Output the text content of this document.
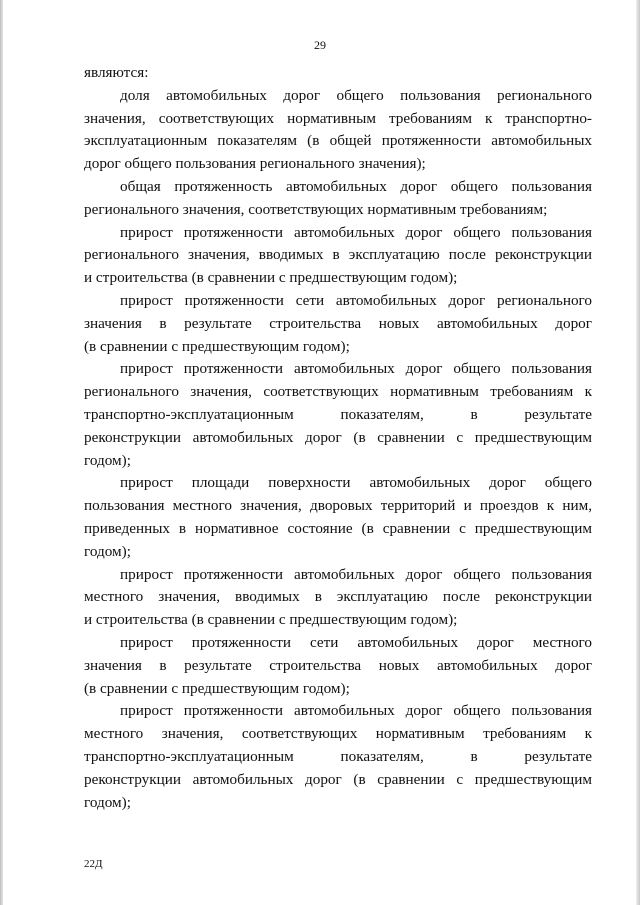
29
являются:
доля автомобильных дорог общего пользования регионального
значения, соответствующих нормативным требованиям к транспортно-
эксплуатационным показателям (в общей протяженности автомобильных
дорог общего пользования регионального значения);
общая протяженность автомобильных дорог общего пользования
регионального значения, соответствующих нормативным требованиям;
прирост протяженности автомобильных дорог общего пользования
регионального значения, вводимых в эксплуатацию после реконструкции
и строительства (в сравнении с предшествующим годом);
прирост протяженности сети автомобильных дорог регионального
значения в результате строительства новых автомобильных дорог
(в сравнении с предшествующим годом);
прирост протяженности автомобильных дорог общего пользования
регионального значения, соответствующих нормативным требованиям к
транспортно-эксплуатационным показателям, в результате
реконструкции автомобильных дорог (в сравнении с предшествующим
годом);
прирост площади поверхности автомобильных дорог общего
пользования местного значения, дворовых территорий и проездов к ним,
приведенных в нормативное состояние (в сравнении с предшествующим
годом);
прирост протяженности автомобильных дорог общего пользования
местного значения, вводимых в эксплуатацию после реконструкции
и строительства (в сравнении с предшествующим годом);
прирост протяженности сети автомобильных дорог местного
значения в результате строительства новых автомобильных дорог
(в сравнении с предшествующим годом);
прирост протяженности автомобильных дорог общего пользования
местного значения, соответствующих нормативным требованиям к
транспортно-эксплуатационным показателям, в результате
реконструкции автомобильных дорог (в сравнении с предшествующим
годом);
22Д
